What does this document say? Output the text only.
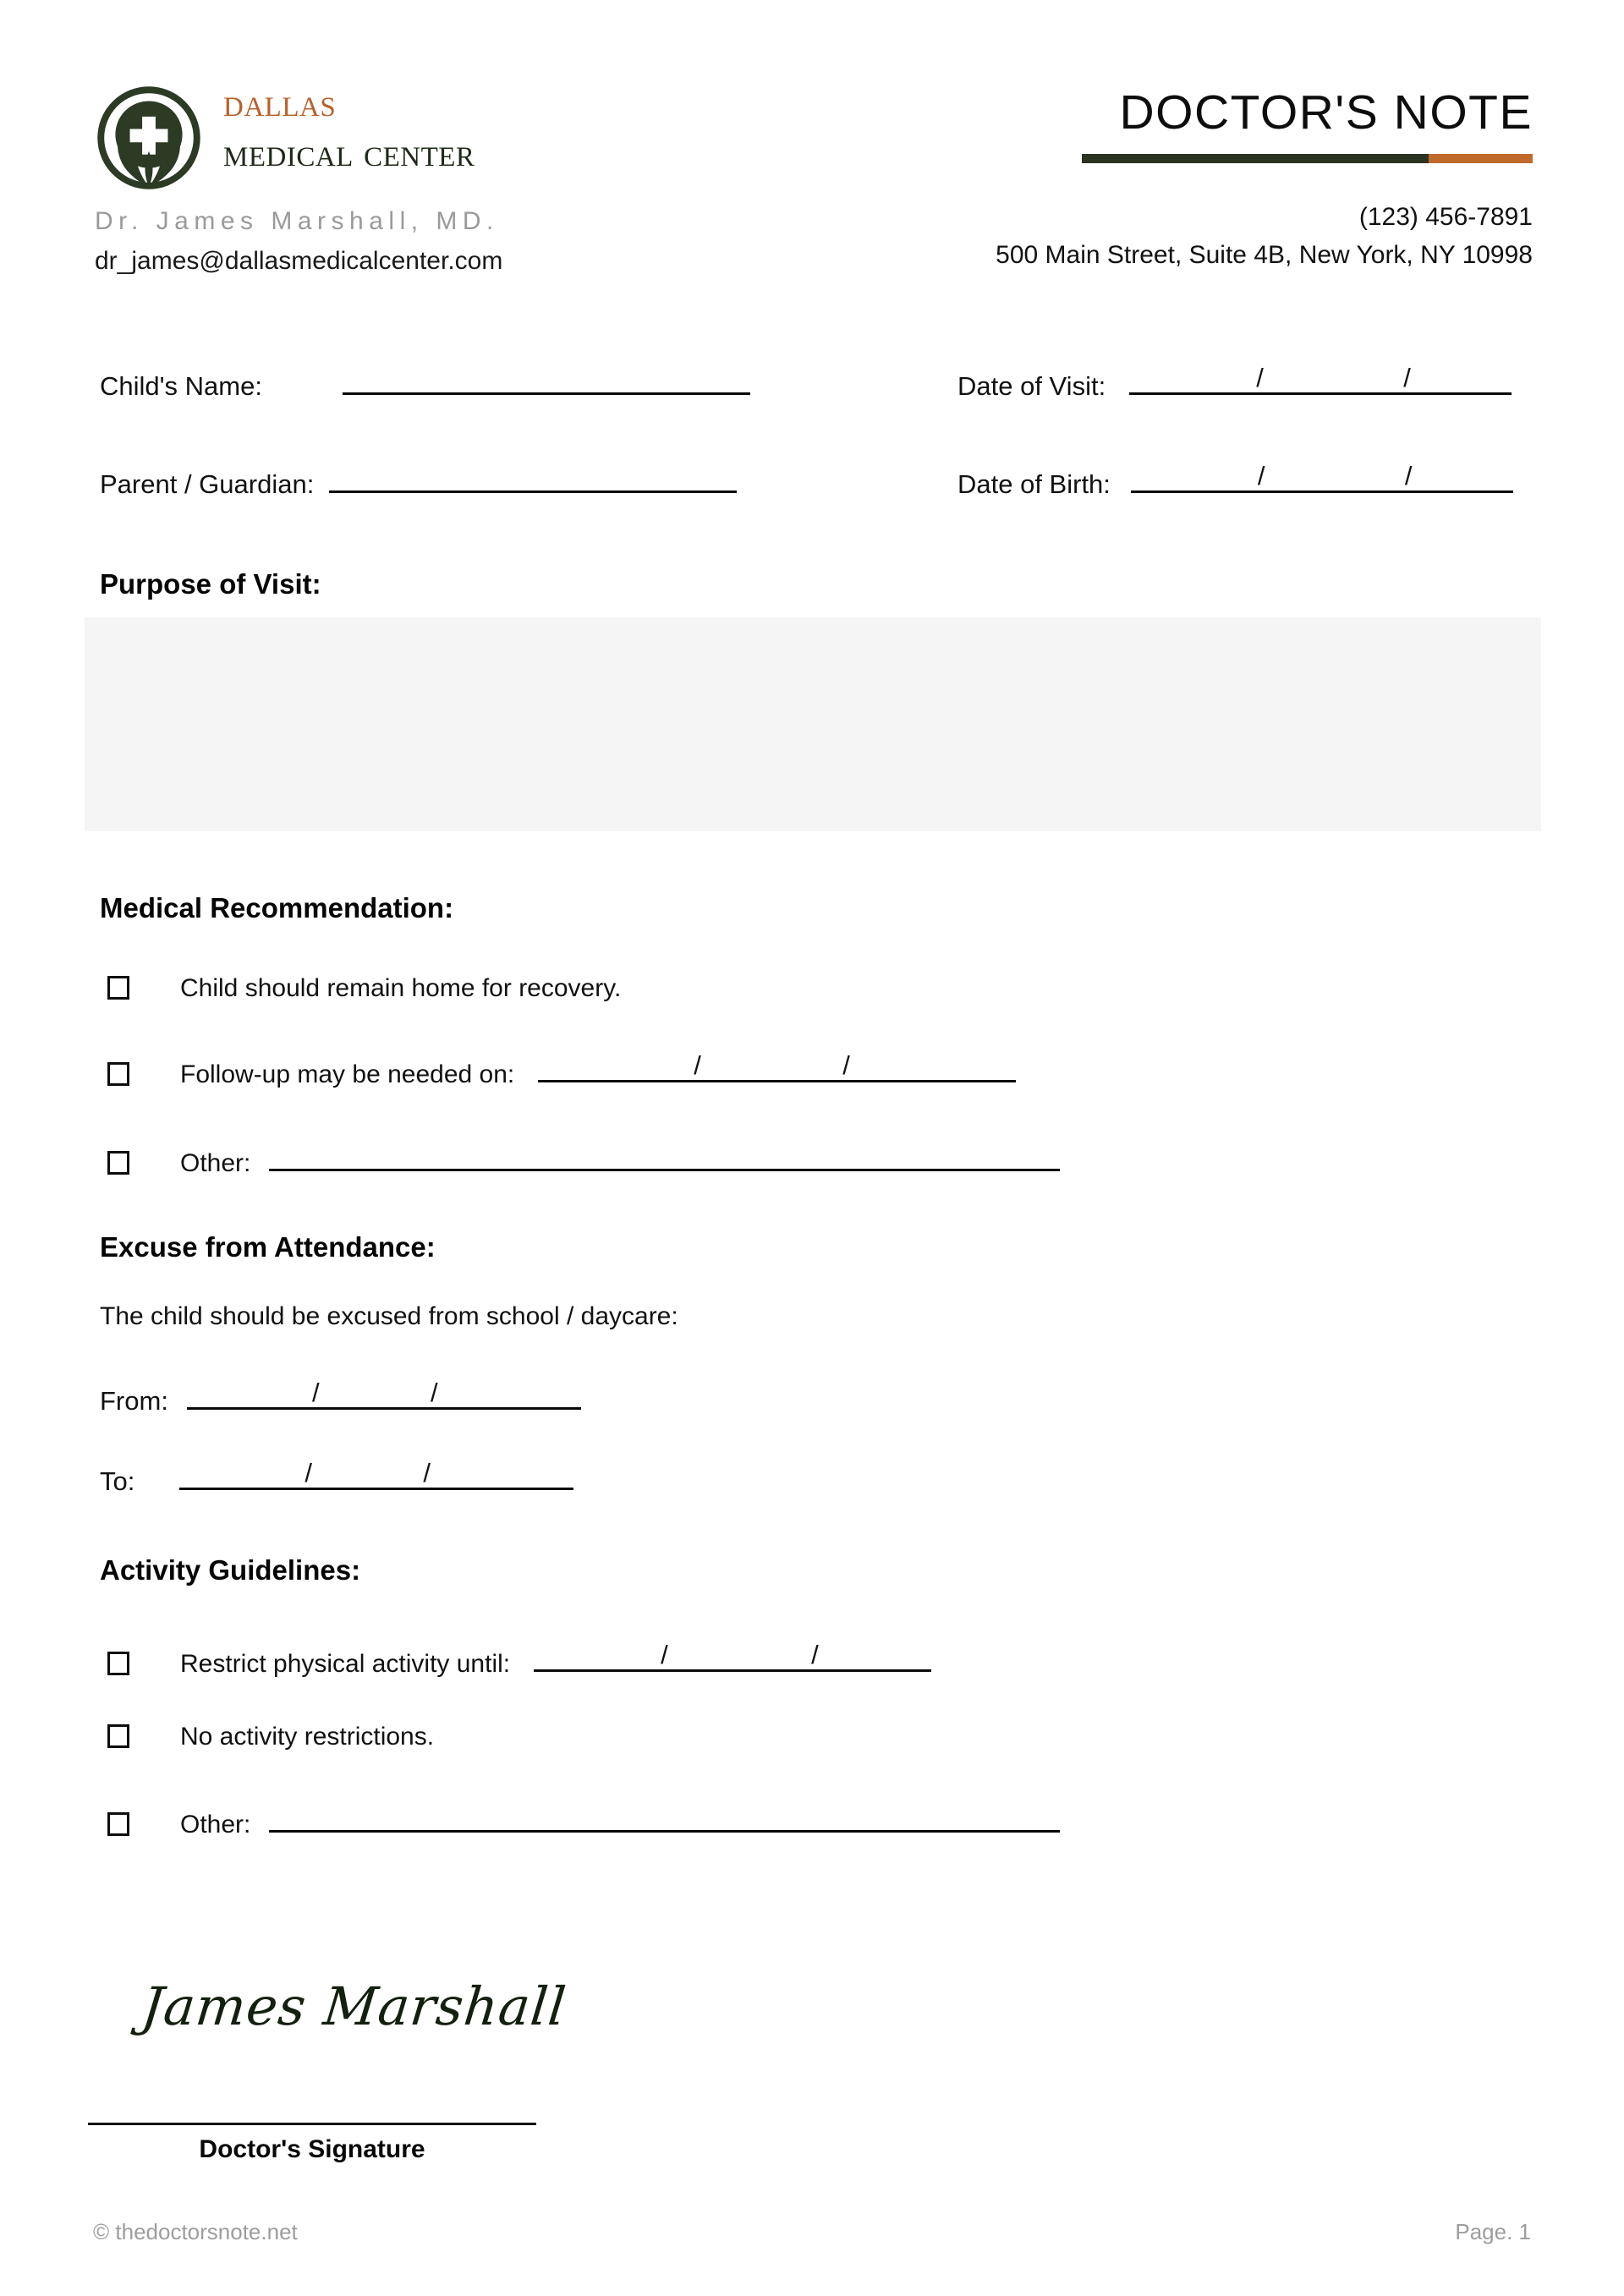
dallas
medical center
Dr. James Marshall, MD.
dr_james@dallasmedicalcenter.com
DOCTOR'S NOTE
(123) 456-7891
500 Main Street, Suite 4B, New York, NY 10998
Child's Name:
Parent / Guardian:
Date of Visit:	/	/
Date of Birth:	/	/
Purpose of Visit:
Medical Recommendation:
Child should remain home for recovery.
Follow-up may be needed on:	/	/
Other:
Excuse from Attendance:
The child should be excused from school / daycare:
From:	/	/
To:	/	/
Activity Guidelines:
Restrict physical activity until:	/	/
No activity restrictions.
Other:
James Marshall
Doctor's Signature
© thedoctorsnote.net	Page. 1
